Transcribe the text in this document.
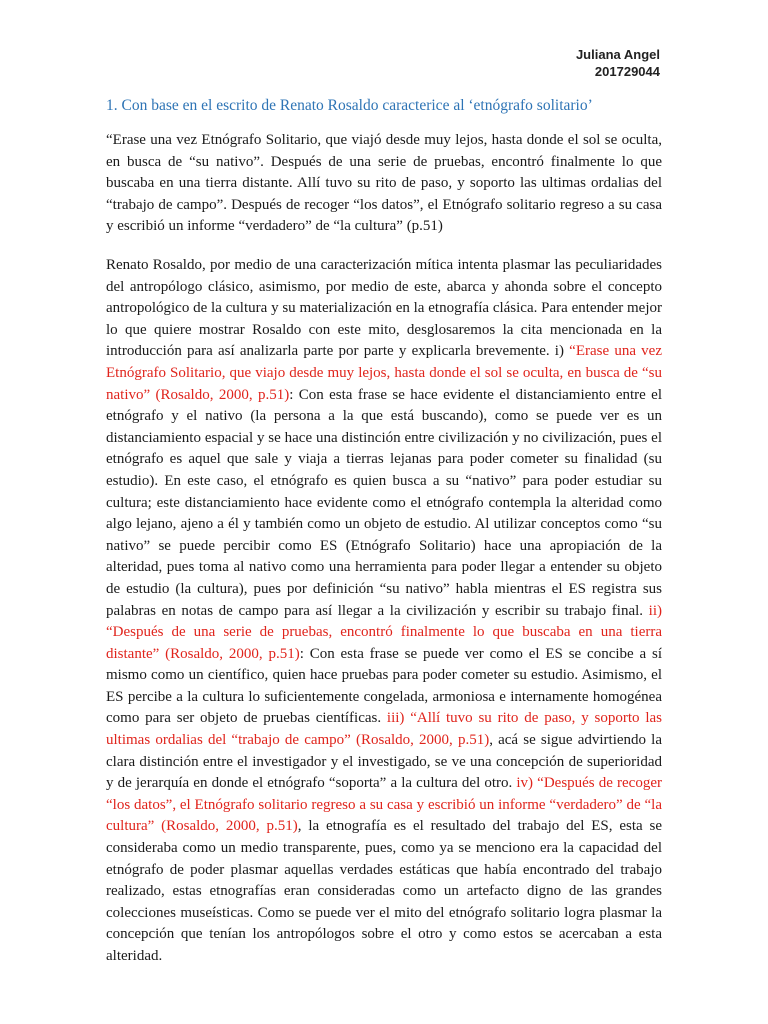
Juliana Angel
201729044
1. Con base en el escrito de Renato Rosaldo caracterice al ‘etnógrafo solitario’

“Erase una vez Etnógrafo Solitario, que viajó desde muy lejos, hasta donde el sol se oculta, en busca de “su nativo”. Después de una serie de pruebas, encontró finalmente lo que buscaba en una tierra distante. Allí tuvo su rito de paso, y soporto las ultimas ordalias del “trabajo de campo”. Después de recoger “los datos”, el Etnógrafo solitario regreso a su casa y escribió un informe “verdadero” de “la cultura” (p.51)

Renato Rosaldo, por medio de una caracterización mítica intenta plasmar las peculiaridades del antropólogo clásico, asimismo, por medio de este, abarca y ahonda sobre el concepto antropológico de la cultura y su materialización en la etnografía clásica. Para entender mejor lo que quiere mostrar Rosaldo con este mito, desglosaremos la cita mencionada en la introducción para así analizarla parte por parte y explicarla brevemente. i) “Erase una vez Etnógrafo Solitario, que viajo desde muy lejos, hasta donde el sol se oculta, en busca de “su nativo” (Rosaldo, 2000, p.51): Con esta frase se hace evidente el distanciamiento entre el etnógrafo y el nativo (la persona a la que está buscando), como se puede ver es un distanciamiento espacial y se hace una distinción entre civilización y no civilización, pues el etnógrafo es aquel que sale y viaja a tierras lejanas para poder cometer su finalidad (su estudio). En este caso, el etnógrafo es quien busca a su “nativo” para poder estudiar su cultura; este distanciamiento hace evidente como el etnógrafo contempla la alteridad como algo lejano, ajeno a él y también como un objeto de estudio. Al utilizar conceptos como “su nativo” se puede percibir como ES (Etnógrafo Solitario) hace una apropiación de la alteridad, pues toma al nativo como una herramienta para poder llegar a entender su objeto de estudio (la cultura), pues por definición “su nativo” habla mientras el ES registra sus palabras en notas de campo para así llegar a la civilización y escribir su trabajo final. ii) “Después de una serie de pruebas, encontró finalmente lo que buscaba en una tierra distante” (Rosaldo, 2000, p.51): Con esta frase se puede ver como el ES se concibe a sí mismo como un científico, quien hace pruebas para poder cometer su estudio. Asimismo, el ES percibe a la cultura lo suficientemente congelada, armoniosa e internamente homogénea como para ser objeto de pruebas científicas. iii) “Allí tuvo su rito de paso, y soporto las ultimas ordalias del “trabajo de campo” (Rosaldo, 2000, p.51), acá se sigue advirtiendo la clara distinción entre el investigador y el investigado, se ve una concepción de superioridad y de jerarquía en donde el etnógrafo “soporta” a la cultura del otro. iv) “Después de recoger “los datos”, el Etnógrafo solitario regreso a su casa y escribió un informe “verdadero” de “la cultura” (Rosaldo, 2000, p.51), la etnografía es el resultado del trabajo del ES, esta se consideraba como un medio transparente, pues, como ya se menciono era la capacidad del etnógrafo de poder plasmar aquellas verdades estáticas que había encontrado del trabajo realizado, estas etnografías eran consideradas como un artefacto digno de las grandes colecciones museísticas. Como se puede ver el mito del etnógrafo solitario logra plasmar la concepción que tenían los antropólogos sobre el otro y como estos se acercaban a esta alteridad.
